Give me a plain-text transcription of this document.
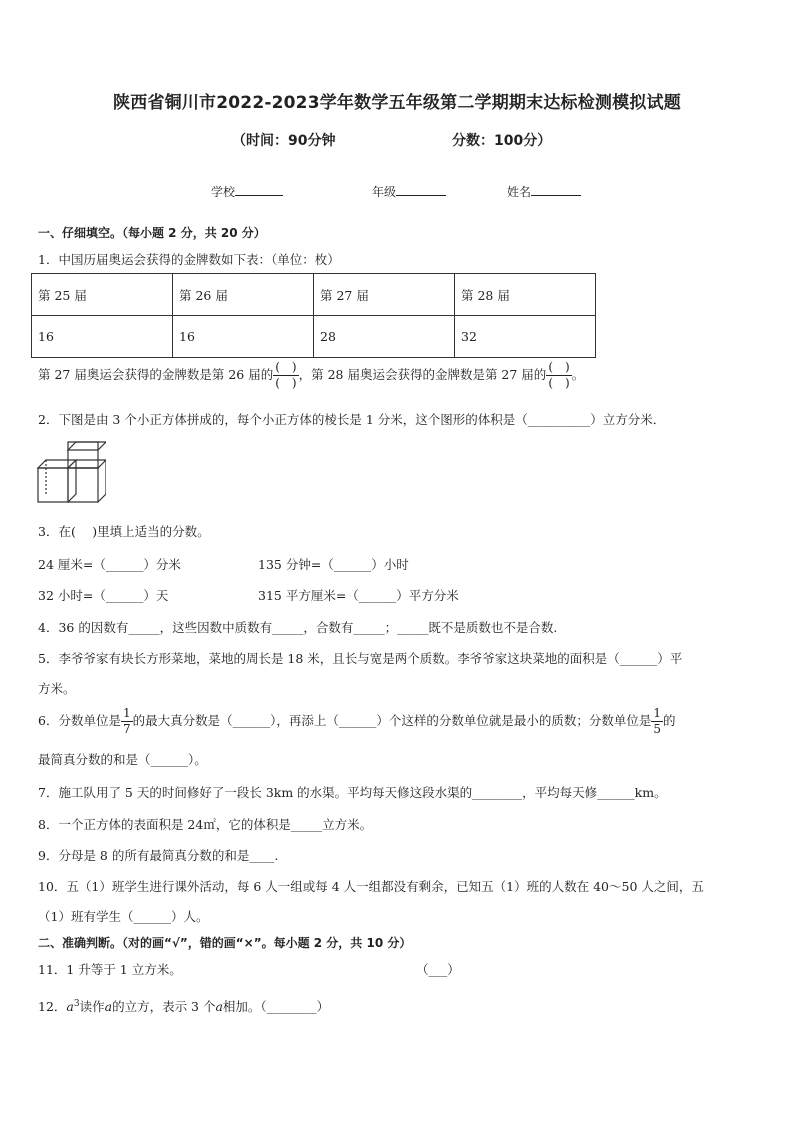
陕西省铜川市2022-2023学年数学五年级第二学期期末达标检测模拟试题
（时间：90分钟	分数：100分）
学校	年级	姓名
一、仔细填空。（每小题 2 分，共 20 分）
1．中国历届奥运会获得的金牌数如下表：（单位：枚）
第 25 届	第 26 届	第 27 届	第 28 届
16	16	28	32
第 27 届奥运会获得的金牌数是第 26 届的 $\frac{( )}{( )}$ ，第 28 届奥运会获得的金牌数是第 27 届的 $\frac{( )}{( )}$ 。
2．下图是由 3 个小正方体拼成的，每个小正方体的棱长是 1 分米，这个图形的体积是（__________）立方分米．
3．在(　 )里填上适当的分数。
24 厘米=（______）分米	135 分钟=（______）小时
32 小时=（______）天	315 平方厘米=（______）平方分米
4．36 的因数有_____，这些因数中质数有_____，合数有_____；_____既不是质数也不是合数.
5．李爷爷家有块长方形菜地，菜地的周长是 18 米，且长与宽是两个质数。李爷爷家这块菜地的面积是（______）平
方米。
6．分数单位是 $\frac{1}{7}$ 的最大真分数是（______），再添上（______）个这样的分数单位就是最小的质数；分数单位是 $\frac{1}{5}$ 的
最简真分数的和是（______）。
7．施工队用了 5 天的时间修好了一段长 3km 的水渠。平均每天修这段水渠的________，平均每天修______km。
8．一个正方体的表面积是 24㎡，它的体积是_____立方米。
9．分母是 8 的所有最简真分数的和是____.
10．五（1）班学生进行课外活动，每 6 人一组或每 4 人一组都没有剩余，已知五（1）班的人数在 40～50 人之间，五
（1）班有学生（______）人。
二、准确判断。（对的画“√”，错的画“×”。每小题 2 分，共 10 分）
11．1 升等于 1 立方米。	（___）
12．$a^3$读作a的立方，表示 3 个a相加。（________）
